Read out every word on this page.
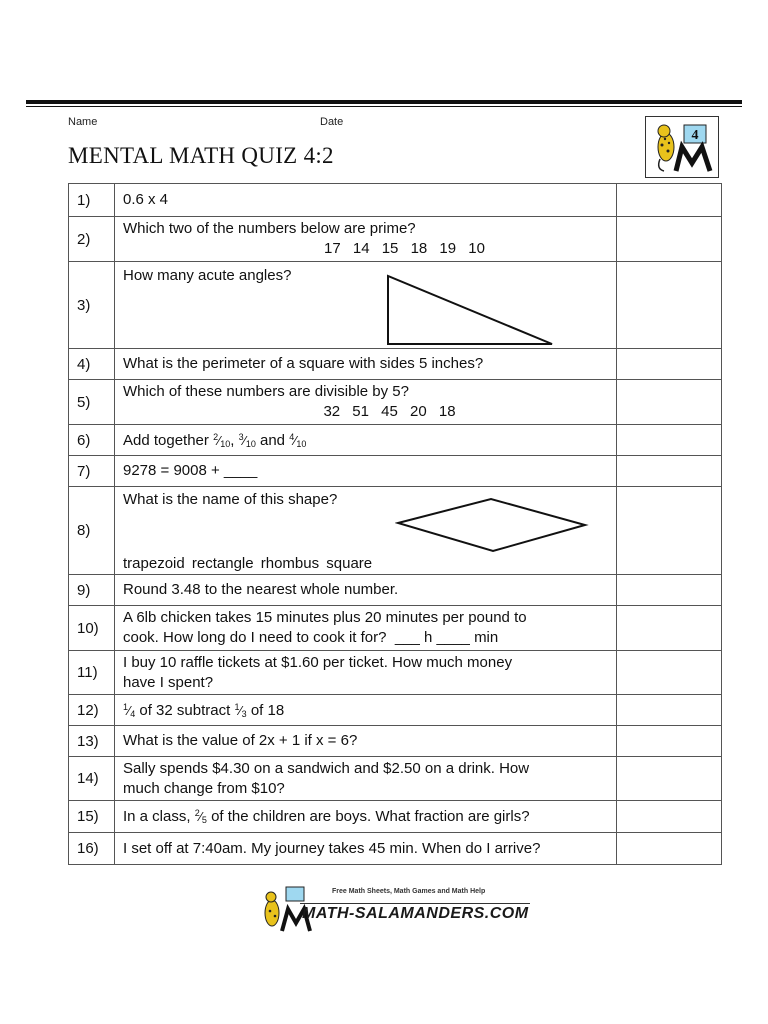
Name	Date
MENTAL MATH QUIZ 4:2
4
1)	0.6 x 4	

2)	Which two of the numbers below are prime?
17 14 15 18 19 10	

3)	How many acute angles?	

4)	What is the perimeter of a square with sides 5 inches?	

5)	Which of these numbers are divisible by 5?
32 51 45 20 18	

6)	Add together $^2⁄_{10}$, $^3⁄_{10}$ and $^4⁄_{10}$

7)	9278 = 9008 + ____	

8)	What is the name of this shape?
trapezoid rectangle rhombus square	

9)	Round 3.48 to the nearest whole number.	

10)	A 6lb chicken takes 15 minutes plus 20 minutes per pound to
cook. How long do I need to cook it for?  ___ h ____ min	

11)	I buy 10 raffle tickets at $1.60 per ticket. How much money
have I spent?	

12)	$^1⁄_4$ of 32 subtract $^1⁄_3$ of 18	

13)	What is the value of 2x + 1 if x = 6?	

14)	Sally spends $4.30 on a sandwich and $2.50 on a drink. How
much change from $10?	

15)	In a class, $^2⁄_5$ of the children are boys. What fraction are girls?	

16)	I set off at 7:40am. My journey takes 45 min. When do I arrive?	

Free Math Sheets, Math Games and Math Help
MATH-SALAMANDERS.COM
